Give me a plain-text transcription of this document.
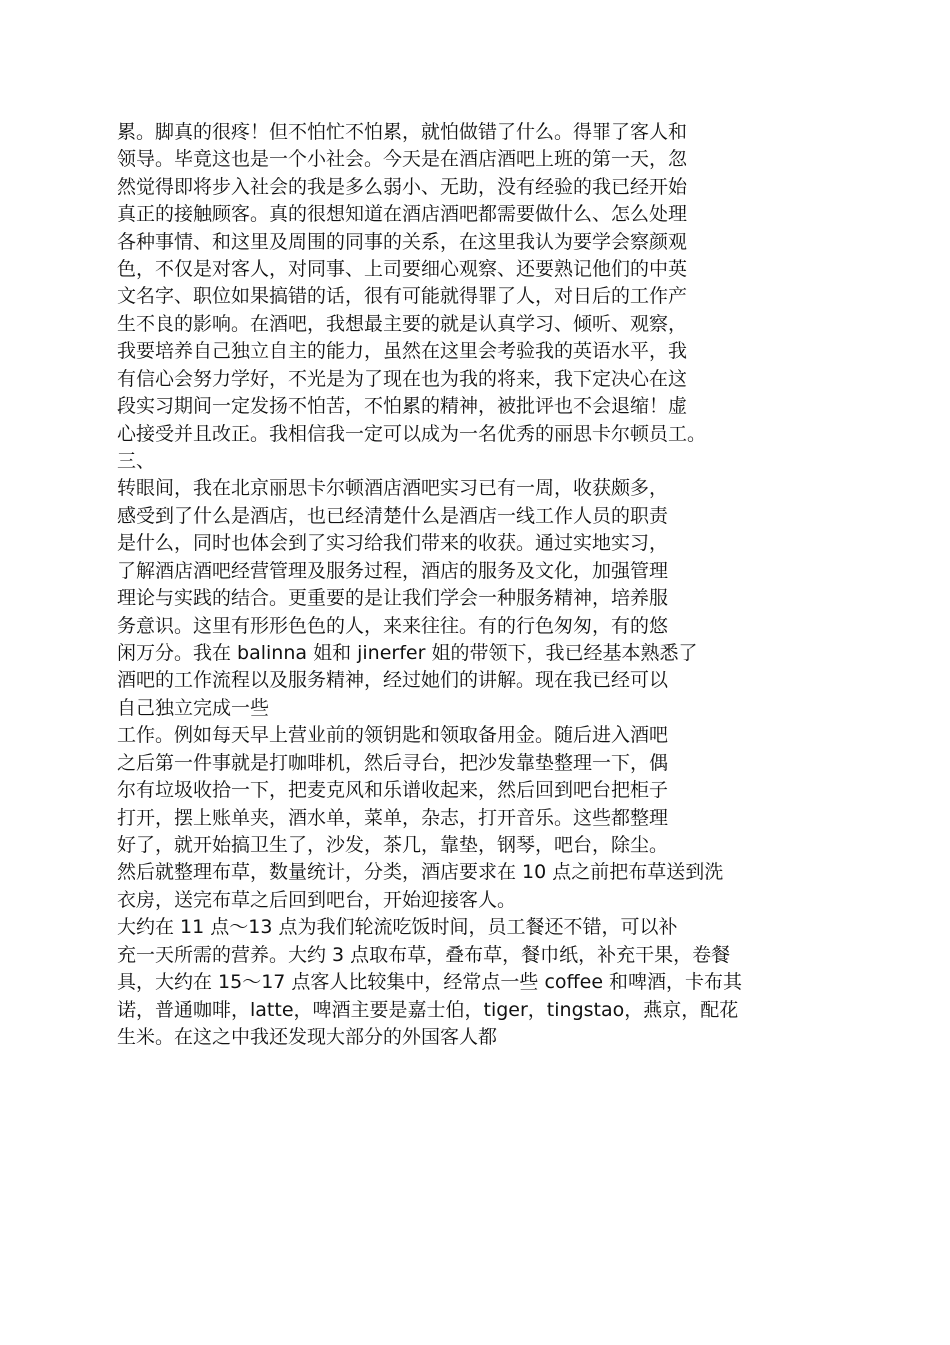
累。脚真的很疼！但不怕忙不怕累，就怕做错了什么。得罪了客人和
领导。毕竟这也是一个小社会。今天是在酒店酒吧上班的第一天，忽
然觉得即将步入社会的我是多么弱小、无助，没有经验的我已经开始
真正的接触顾客。真的很想知道在酒店酒吧都需要做什么、怎么处理
各种事情、和这里及周围的同事的关系，在这里我认为要学会察颜观
色，不仅是对客人，对同事、上司要细心观察、还要熟记他们的中英
文名字、职位如果搞错的话，很有可能就得罪了人，对日后的工作产
生不良的影响。在酒吧，我想最主要的就是认真学习、倾听、观察，
我要培养自己独立自主的能力，虽然在这里会考验我的英语水平，我
有信心会努力学好，不光是为了现在也为我的将来，我下定决心在这
段实习期间一定发扬不怕苦，不怕累的精神，被批评也不会退缩！虚
心接受并且改正。我相信我一定可以成为一名优秀的丽思卡尔顿员工。
三、
转眼间，我在北京丽思卡尔顿酒店酒吧实习已有一周，收获颇多，
感受到了什么是酒店，也已经清楚什么是酒店一线工作人员的职责
是什么，同时也体会到了实习给我们带来的收获。通过实地实习，
了解酒店酒吧经营管理及服务过程，酒店的服务及文化，加强管理
理论与实践的结合。更重要的是让我们学会一种服务精神，培养服
务意识。这里有形形色色的人，来来往往。有的行色匆匆，有的悠
闲万分。我在 balinna 姐和 jinerfer 姐的带领下，我已经基本熟悉了
酒吧的工作流程以及服务精神，经过她们的讲解。现在我已经可以
自己独立完成一些
工作。例如每天早上营业前的领钥匙和领取备用金。随后进入酒吧
之后第一件事就是打咖啡机，然后寻台，把沙发靠垫整理一下，偶
尔有垃圾收拾一下，把麦克风和乐谱收起来，然后回到吧台把柜子
打开，摆上账单夹，酒水单，菜单，杂志，打开音乐。这些都整理
好了，就开始搞卫生了，沙发，茶几，靠垫，钢琴，吧台，除尘。
然后就整理布草，数量统计，分类，酒店要求在 10 点之前把布草送到洗
衣房，送完布草之后回到吧台，开始迎接客人。
大约在 11 点～13 点为我们轮流吃饭时间，员工餐还不错，可以补
充一天所需的营养。大约 3 点取布草，叠布草，餐巾纸，补充干果，卷餐
具，大约在 15～17 点客人比较集中，经常点一些 coffee 和啤酒，卡布其
诺，普通咖啡，latte，啤酒主要是嘉士伯，tiger，tingstao，燕京，配花
生米。在这之中我还发现大部分的外国客人都
